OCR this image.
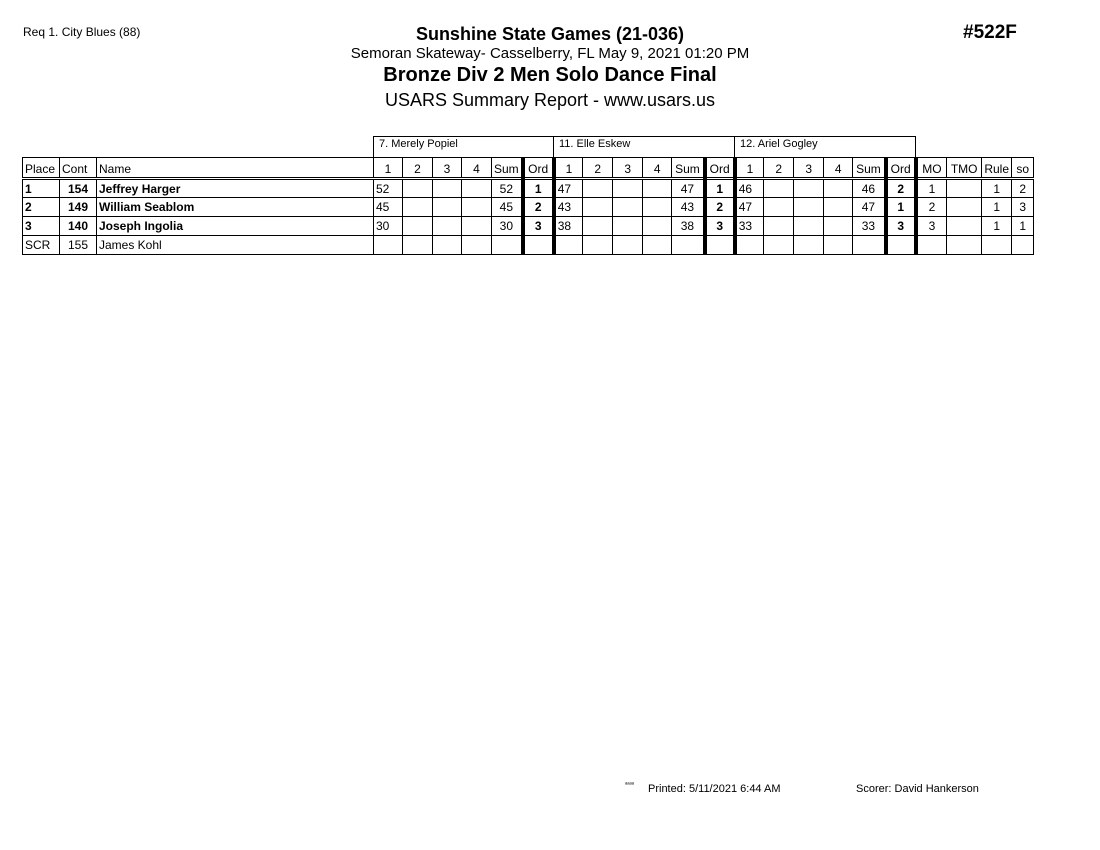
Req 1. City Blues (88)	#522F
Sunshine State Games (21-036)
Semoran Skateway- Casselberry, FL May 9, 2021 01:20 PM
Bronze Div 2 Men Solo Dance Final
USARS Summary Report - www.usars.us
7. Merely Popiel	11. Elle Eskew	12. Ariel Gogley
Place	Cont	Name	1	2	3	4	Sum	Ord	1	2	3	4	Sum	Ord	1	2	3	4	Sum	Ord	MO	TMO	Rule	so
1	154	Jeffrey Harger	52				52	1	47				47	1	46				46	2	1		1	2
2	149	William Seablom	45				45	2	43				43	2	47				47	1	2		1	3
3	140	Joseph Ingolia	30				30	3	38				38	3	33				33	3	3		1	1
SCR	155	James Kohl																						
ᵃᵃᵃᵃ Printed: 5/11/2021 6:44 AM	Scorer: David Hankerson
